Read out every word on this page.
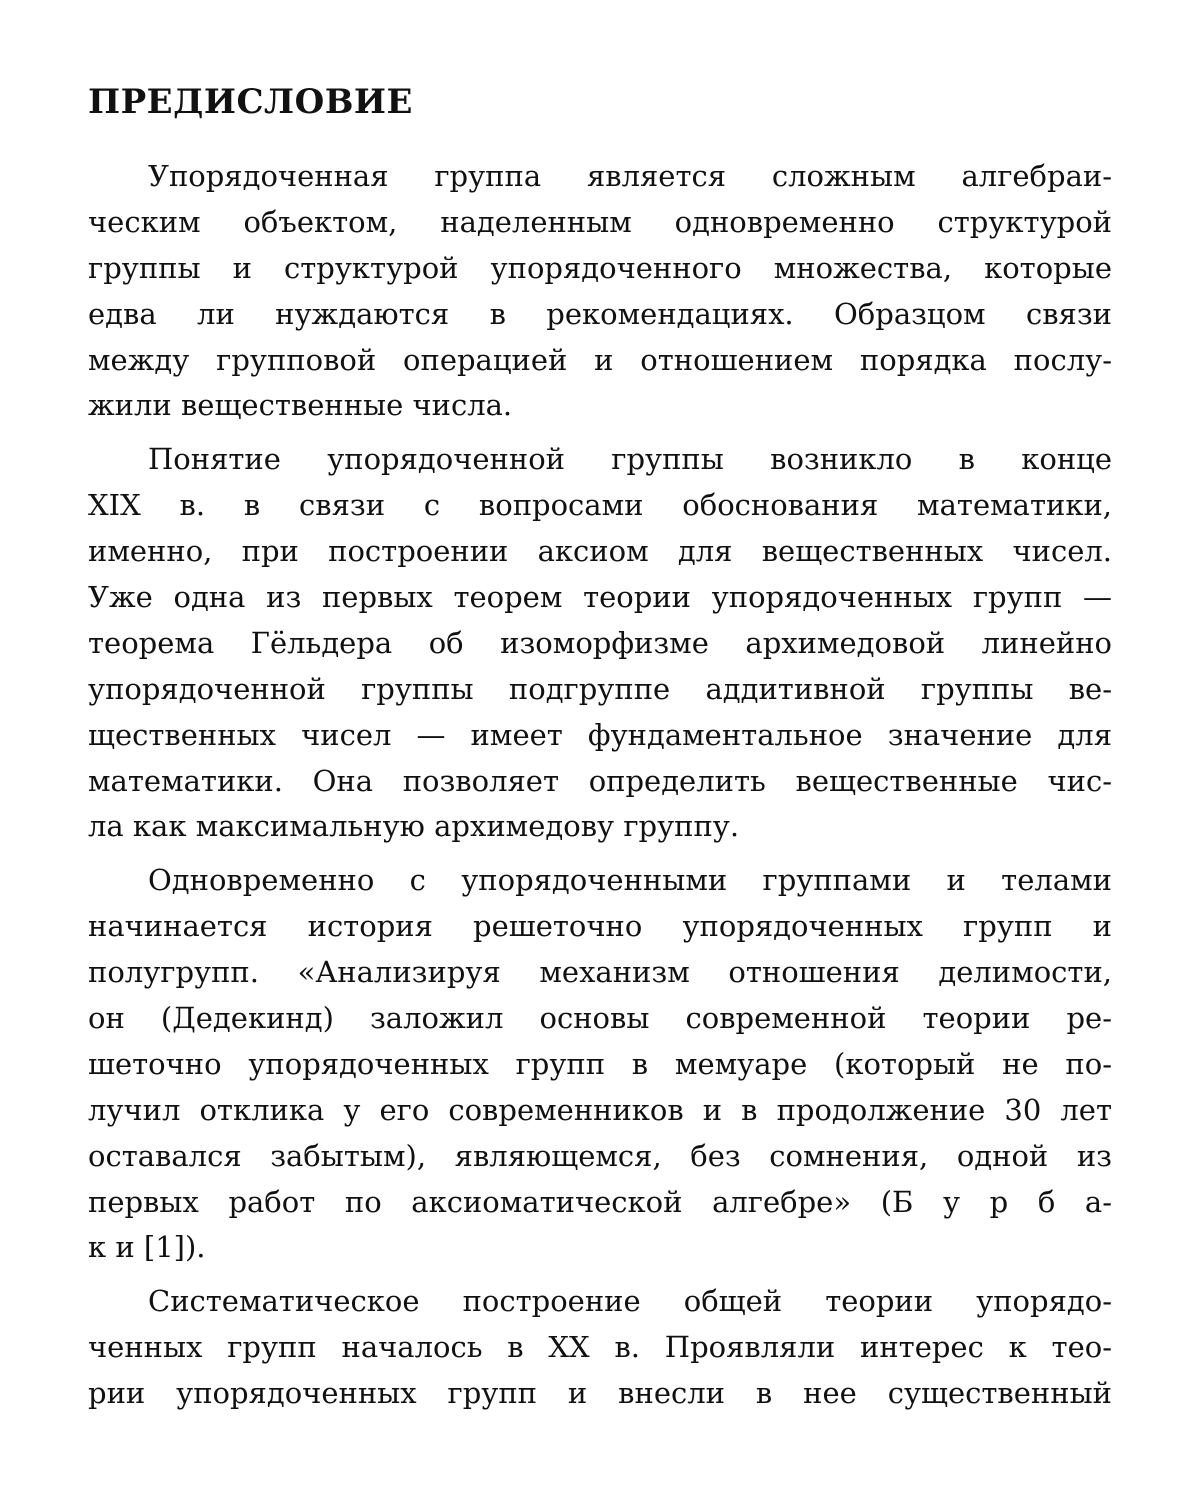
ПРЕДИСЛОВИЕ
Упорядоченная группа является сложным алгебраи-
ческим объектом, наделенным одновременно структурой
группы и структурой упорядоченного множества, которые
едва ли нуждаются в рекомендациях. Образцом связи
между групповой операцией и отношением порядка послу-
жили вещественные числа.
Понятие упорядоченной группы возникло в конце
XIX в. в связи с вопросами обоснования математики,
именно, при построении аксиом для вещественных чисел.
Уже одна из первых теорем теории упорядоченных групп —
теорема Гёльдера об изоморфизме архимедовой линейно
упорядоченной группы подгруппе аддитивной группы ве-
щественных чисел — имеет фундаментальное значение для
математики. Она позволяет определить вещественные чис-
ла как максимальную архимедову группу.
Одновременно с упорядоченными группами и телами
начинается история решеточно упорядоченных групп и
полугрупп. «Анализируя механизм отношения делимости,
он (Дедекинд) заложил основы современной теории ре-
шеточно упорядоченных групп в мемуаре (который не по-
лучил отклика у его современников и в продолжение 30 лет
оставался забытым), являющемся, без сомнения, одной из
первых работ по аксиоматической алгебре» (Б у р б а-
к и [1]).
Систематическое построение общей теории упорядо-
ченных групп началось в XX в. Проявляли интерес к тео-
рии упорядоченных групп и внесли в нее существенный
